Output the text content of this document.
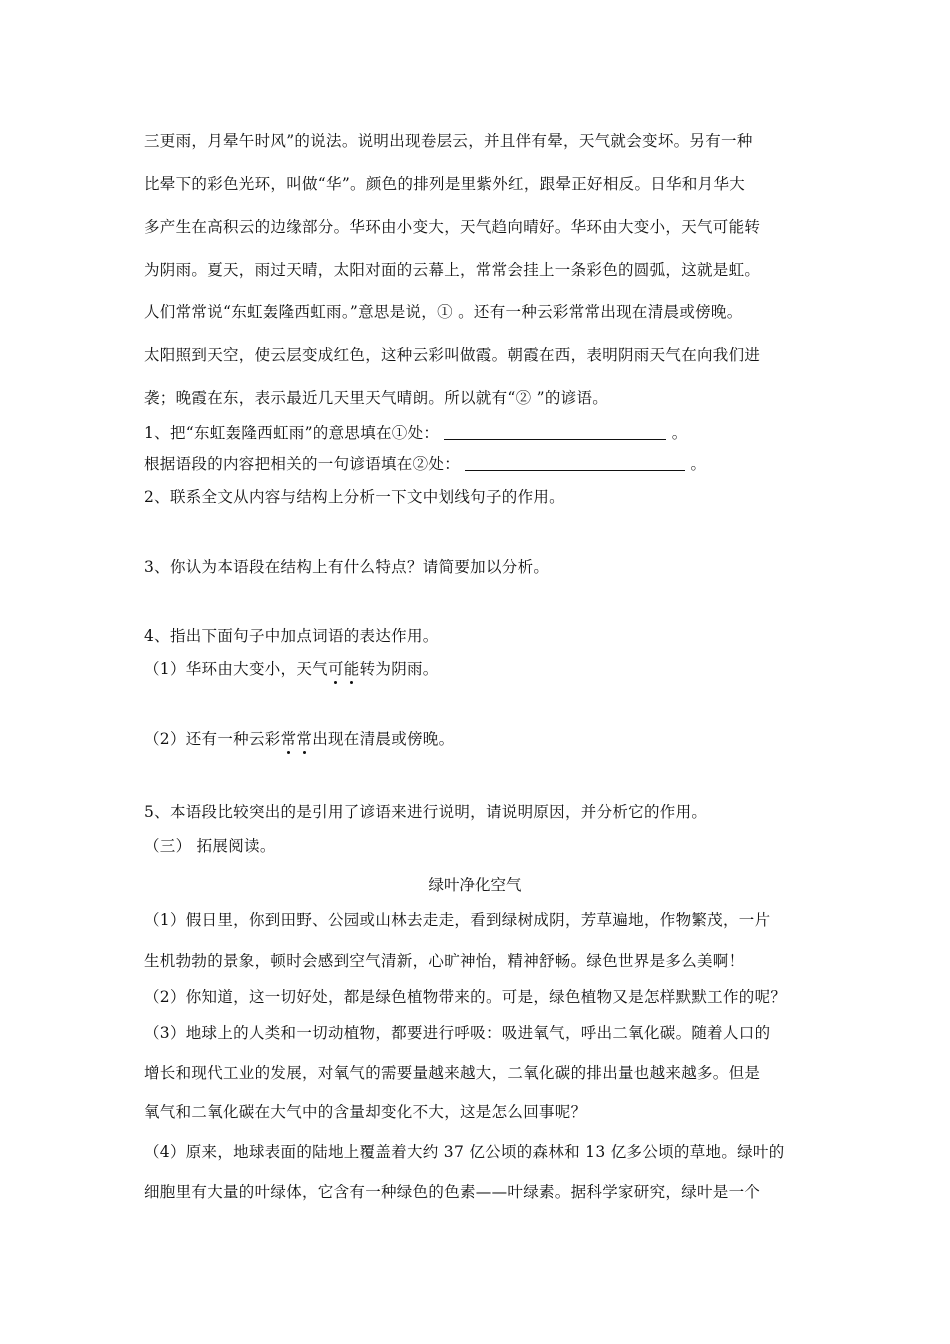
三更雨，月晕午时风”的说法。说明出现卷层云，并且伴有晕，天气就会变坏。另有一种
比晕下的彩色光环，叫做“华”。颜色的排列是里紫外红，跟晕正好相反。日华和月华大
多产生在高积云的边缘部分。华环由小变大，天气趋向晴好。华环由大变小，天气可能转
为阴雨。夏天，雨过天晴，太阳对面的云幕上，常常会挂上一条彩色的圆弧，这就是虹。
人们常常说“东虹轰隆西虹雨。”意思是说，① 。还有一种云彩常常出现在清晨或傍晚。
太阳照到天空，使云层变成红色，这种云彩叫做霞。朝霞在西，表明阴雨天气在向我们进
袭；晚霞在东，表示最近几天里天气晴朗。所以就有“② ”的谚语。
1、把“东虹轰隆西虹雨”的意思填在①处：	。
根据语段的内容把相关的一句谚语填在②处：	。
2、联系全文从内容与结构上分析一下文中划线句子的作用。
3、你认为本语段在结构上有什么特点？请简要加以分析。
4、指出下面句子中加点词语的表达作用。
（1）华环由大变小，天气可能转为阴雨。
（2）还有一种云彩常常出现在清晨或傍晚。
5、本语段比较突出的是引用了谚语来进行说明，请说明原因，并分析它的作用。
（三） 拓展阅读。
绿叶净化空气
（1）假日里，你到田野、公园或山林去走走，看到绿树成阴，芳草遍地，作物繁茂，一片
生机勃勃的景象，顿时会感到空气清新，心旷神怡，精神舒畅。绿色世界是多么美啊！
（2）你知道，这一切好处，都是绿色植物带来的。可是，绿色植物又是怎样默默工作的呢？
（3）地球上的人类和一切动植物，都要进行呼吸：吸进氧气，呼出二氧化碳。随着人口的
增长和现代工业的发展，对氧气的需要量越来越大，二氧化碳的排出量也越来越多。但是
氧气和二氧化碳在大气中的含量却变化不大，这是怎么回事呢？
（4）原来，地球表面的陆地上覆盖着大约 37 亿公顷的森林和 13 亿多公顷的草地。绿叶的
细胞里有大量的叶绿体，它含有一种绿色的色素——叶绿素。据科学家研究，绿叶是一个
